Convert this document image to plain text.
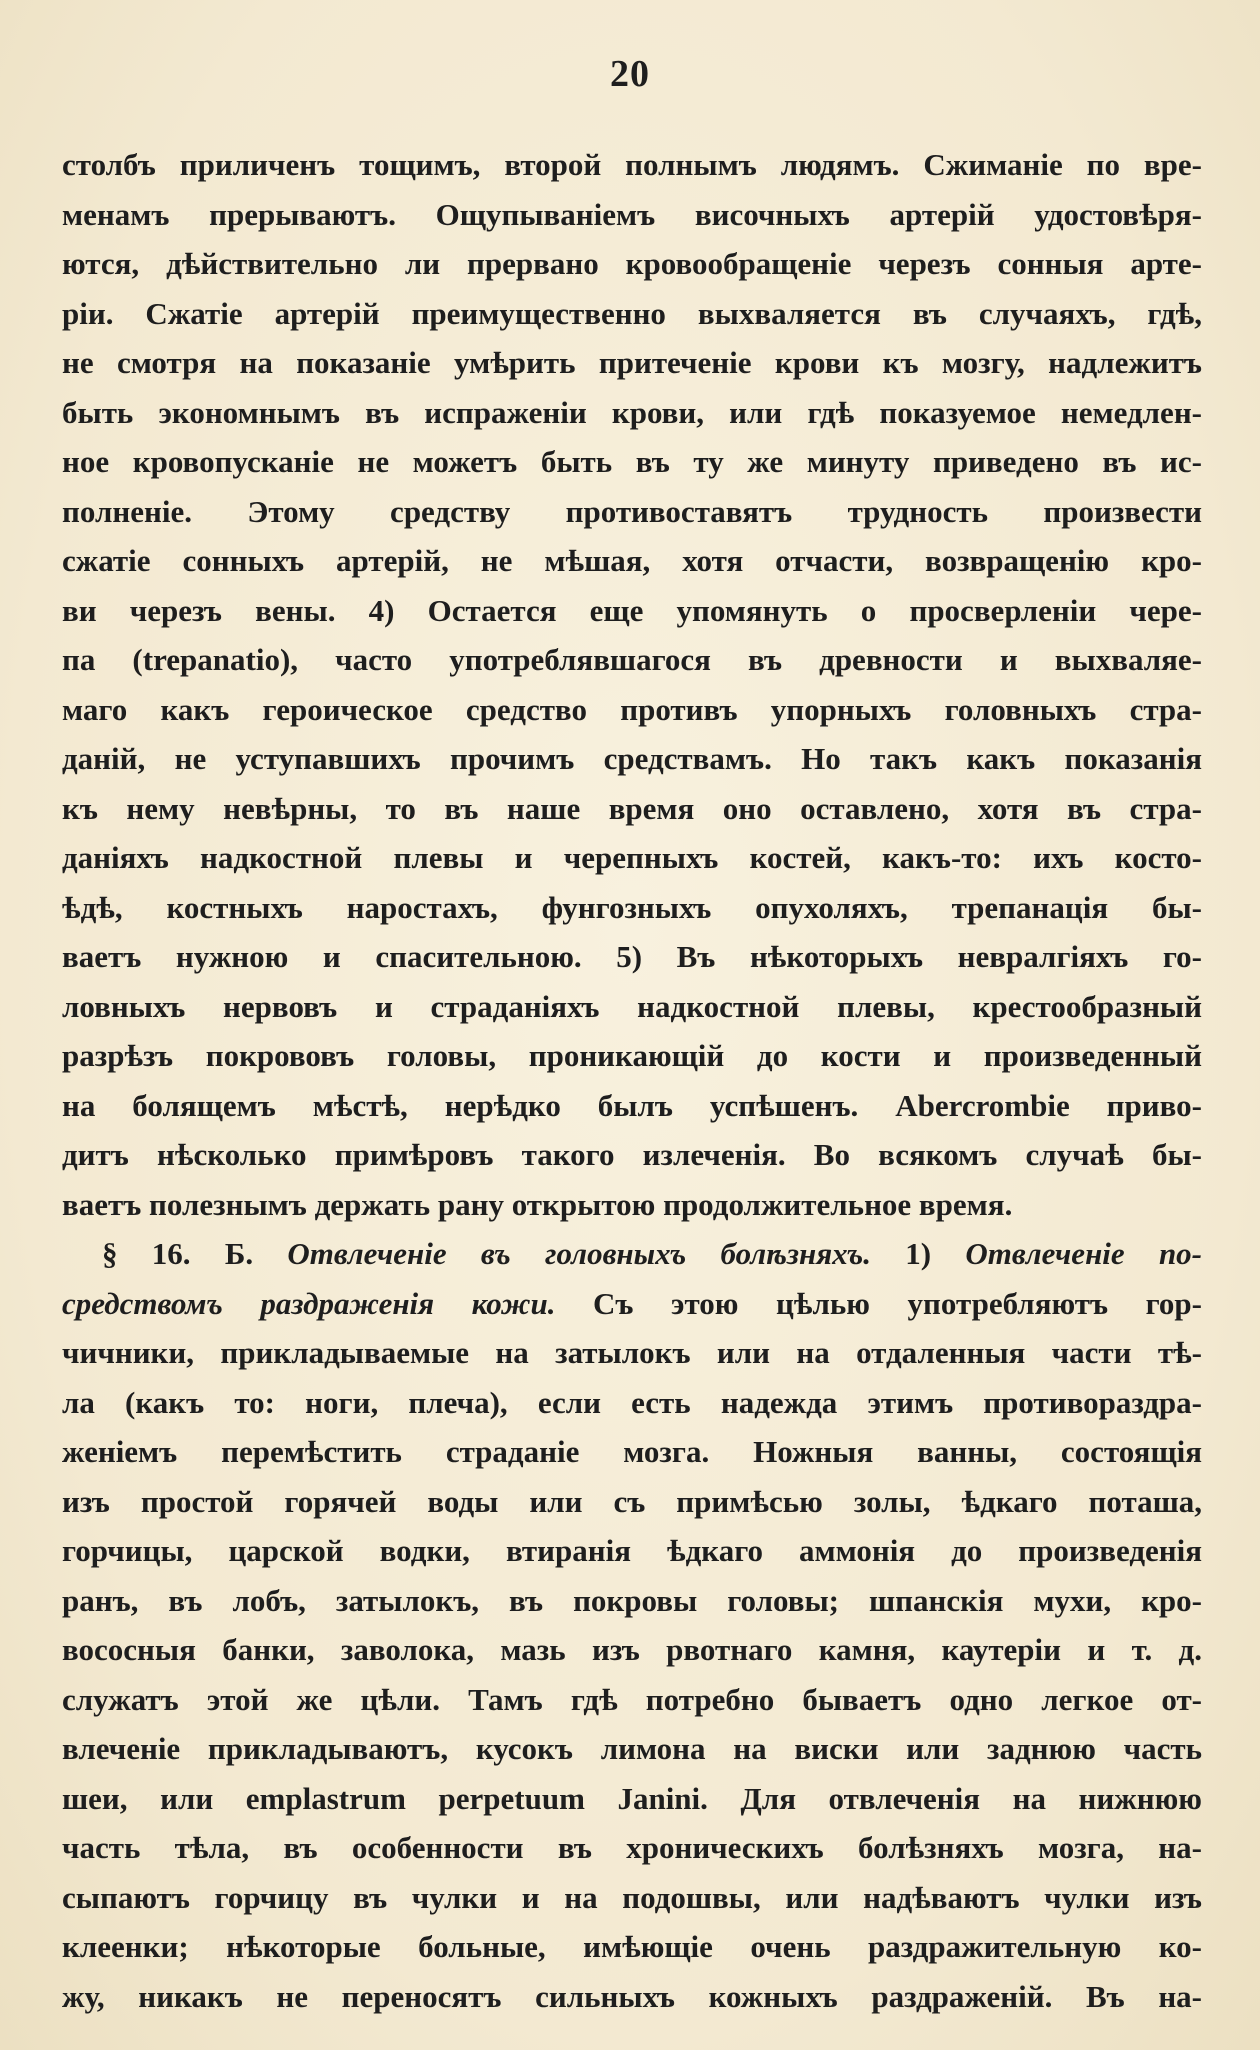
20
столбъ приличенъ тощимъ, второй полнымъ людямъ. Сжиманіе по вре-
менамъ прерываютъ. Ощупываніемъ височныхъ артерій удостовѣря-
ются, дѣйствительно ли прервано кровообращеніе черезъ сонныя арте-
ріи. Сжатіе артерій преимущественно выхваляется въ случаяхъ, гдѣ,
не смотря на показаніе умѣрить притеченіе крови къ мозгу, надлежитъ
быть экономнымъ въ испраженіи крови, или гдѣ показуемое немедлен-
ное кровопусканіе не можетъ быть въ ту же минуту приведено въ ис-
полненіе. Этому средству противоставятъ трудность произвести
сжатіе сонныхъ артерій, не мѣшая, хотя отчасти, возвращенію кро-
ви черезъ вены. 4) Остается еще упомянуть о просверленіи чере-
па (trepanatio), часто употреблявшагося въ древности и выхваляе-
маго какъ героическое средство противъ упорныхъ головныхъ стра-
даній, не уступавшихъ прочимъ средствамъ. Но такъ какъ показанія
къ нему невѣрны, то въ наше время оно оставлено, хотя въ стра-
даніяхъ надкостной плевы и черепныхъ костей, какъ-то: ихъ косто-
ѣдѣ, костныхъ наростахъ, фунгозныхъ опухоляхъ, трепанація бы-
ваетъ нужною и спасительною. 5) Въ нѣкоторыхъ невралгіяхъ го-
ловныхъ нервовъ и страданіяхъ надкостной плевы, крестообразный
разрѣзъ покрововъ головы, проникающій до кости и произведенный
на болящемъ мѣстѣ, нерѣдко былъ успѣшенъ. Abercrombie приво-
дитъ нѣсколько примѣровъ такого излеченія. Во всякомъ случаѣ бы-
ваетъ полезнымъ держать рану открытою продолжительное время.
§ 16. Б. Отвлеченіе въ головныхъ болѣзняхъ. 1) Отвлеченіе по-
средствомъ раздраженія кожи. Съ этою цѣлью употребляютъ гор-
чичники, прикладываемые на затылокъ или на отдаленныя части тѣ-
ла (какъ то: ноги, плеча), если есть надежда этимъ противораздра-
женіемъ перемѣстить страданіе мозга. Ножныя ванны, состоящія
изъ простой горячей воды или съ примѣсью золы, ѣдкаго поташа,
горчицы, царской водки, втиранія ѣдкаго аммонія до произведенія
ранъ, въ лобъ, затылокъ, въ покровы головы; шпанскія мухи, кро-
вососныя банки, заволока, мазь изъ рвотнаго камня, каутеріи и т. д.
служатъ этой же цѣли. Тамъ гдѣ потребно бываетъ одно легкое от-
влеченіе прикладываютъ, кусокъ лимона на виски или заднюю часть
шеи, или emplastrum perpetuum Janini. Для отвлеченія на нижнюю
часть тѣла, въ особенности въ хроническихъ болѣзняхъ мозга, на-
сыпаютъ горчицу въ чулки и на подошвы, или надѣваютъ чулки изъ
клеенки; нѣкоторые больные, имѣющіе очень раздражительную ко-
жу, никакъ не переносятъ сильныхъ кожныхъ раздраженій. Въ на-
